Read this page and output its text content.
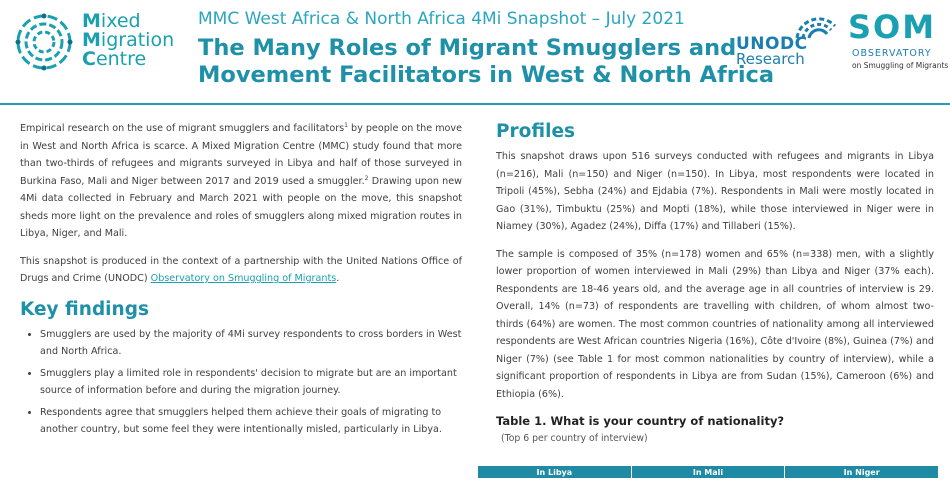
Mixed
Migration
Centre
MMC West Africa & North Africa 4Mi Snapshot – July 2021
The Many Roles of Migrant Smugglers and
Movement Facilitators in West & North Africa
UNODC
Research
SOM
OBSERVATORY
on Smuggling of Migrants

Empirical research on the use of migrant smugglers and facilitators$^1$ by people on the move in West and North Africa is scarce. A Mixed Migration Centre (MMC) study found that more than two-thirds of refugees and migrants surveyed in Libya and half of those surveyed in Burkina Faso, Mali and Niger between 2017 and 2019 used a smuggler.$^2$ Drawing upon new 4Mi data collected in February and March 2021 with people on the move, this snapshot sheds more light on the prevalence and roles of smugglers along mixed migration routes in Libya, Niger, and Mali.

This snapshot is produced in the context of a partnership with the United Nations Office of Drugs and Crime (UNODC) Observatory on Smuggling of Migrants.

Key findings
• Smugglers are used by the majority of 4Mi survey respondents to cross borders in West and North Africa.
• Smugglers play a limited role in respondents' decision to migrate but are an important source of information before and during the migration journey.
• Respondents agree that smugglers helped them achieve their goals of migrating to another country, but some feel they were intentionally misled, particularly in Libya.
Profiles

This snapshot draws upon 516 surveys conducted with refugees and migrants in Libya (n=216), Mali (n=150) and Niger (n=150). In Libya, most respondents were located in Tripoli (45%), Sebha (24%) and Ejdabia (7%). Respondents in Mali were mostly located in Gao (31%), Timbuktu (25%) and Mopti (18%), while those interviewed in Niger were in Niamey (30%), Agadez (24%), Diffa (17%) and Tillaberi (15%).

The sample is composed of 35% (n=178) women and 65% (n=338) men, with a slightly lower proportion of women interviewed in Mali (29%) than Libya and Niger (37% each). Respondents are 18-46 years old, and the average age in all countries of interview is 29. Overall, 14% (n=73) of respondents are travelling with children, of whom almost two-thirds (64%) are women. The most common countries of nationality among all interviewed respondents are West African countries Nigeria (16%), Côte d'Ivoire (8%), Guinea (7%) and Niger (7%) (see Table 1 for most common nationalities by country of interview), while a significant proportion of respondents in Libya are from Sudan (15%), Cameroon (6%) and Ethiopia (6%).

Table 1. What is your country of nationality?
(Top 6 per country of interview)
In Libya	In Mali	In Niger
